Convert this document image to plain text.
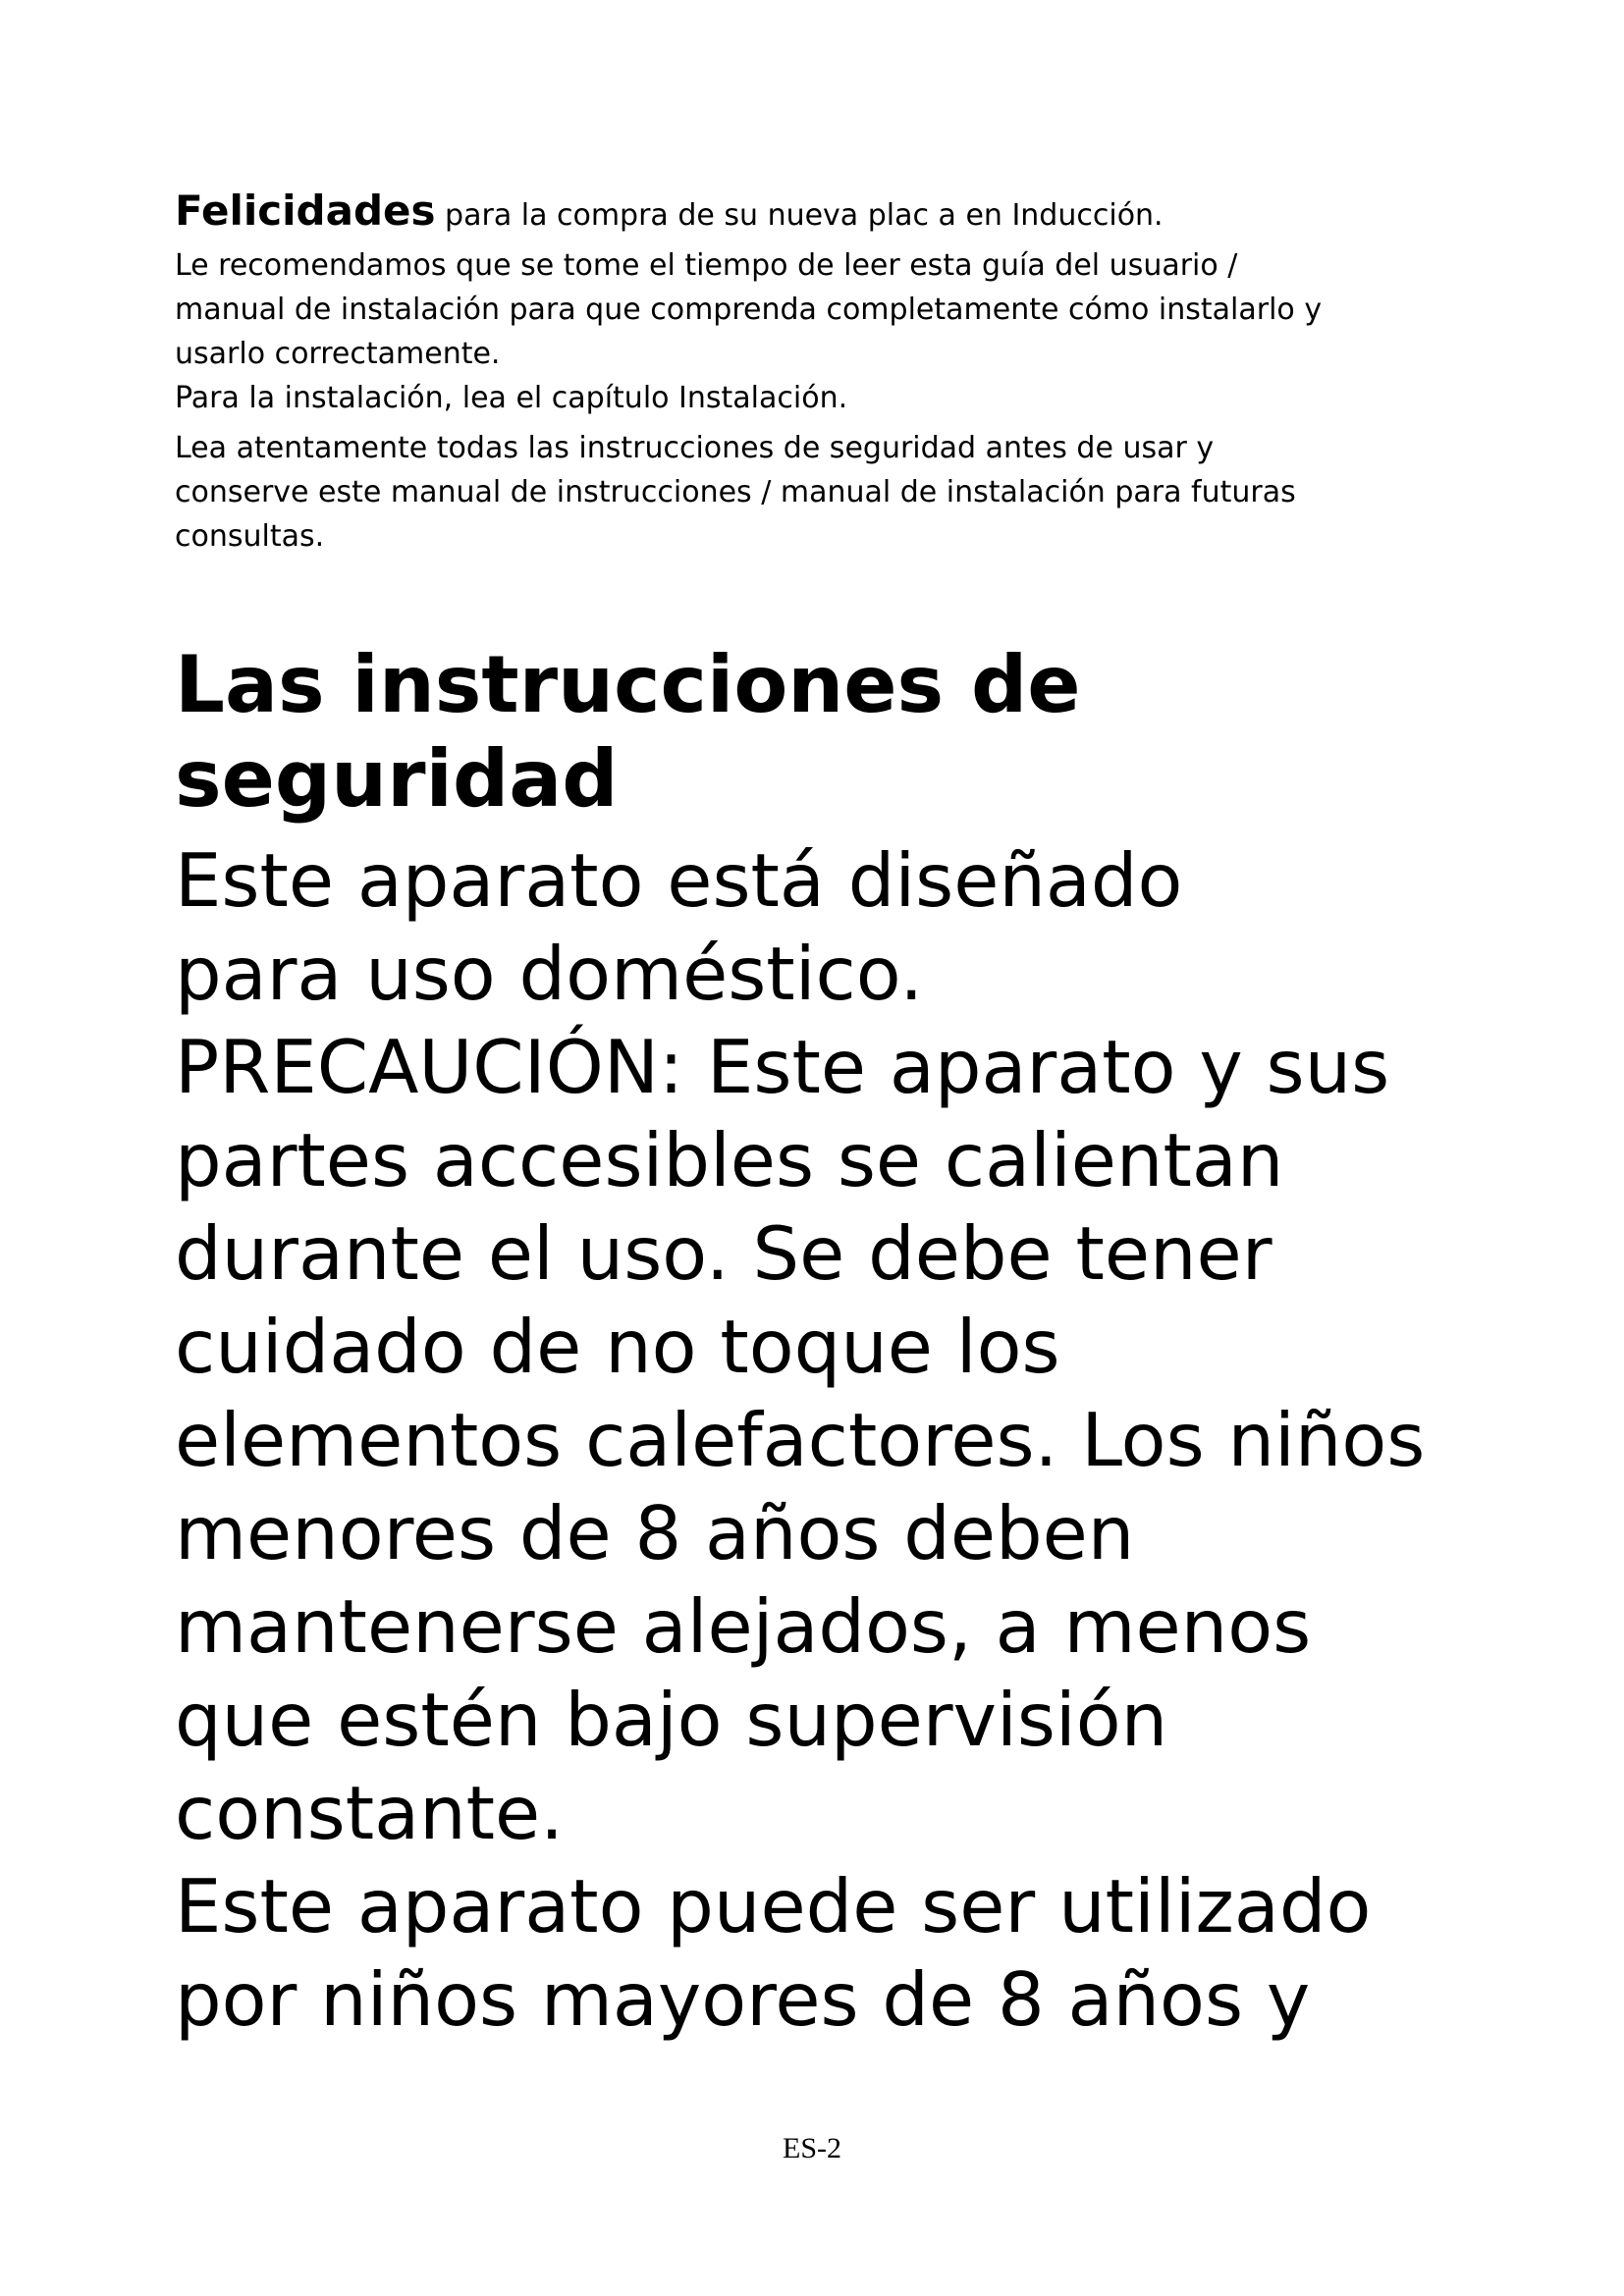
Felicidades para la compra de su nueva plac a en Inducción.

Le recomendamos que se tome el tiempo de leer esta guía del usuario /

manual de instalación para que comprenda completamente cómo instalarlo y

usarlo correctamente.

Para la instalación, lea el capítulo Instalación.

Lea atentamente todas las instrucciones de seguridad antes de usar y

conserve este manual de instrucciones / manual de instalación para futuras

consultas.

Las instrucciones de
seguridad

Este aparato está diseñado
para uso doméstico.
PRECAUCIÓN: Este aparato y sus
partes accesibles se calientan
durante el uso. Se debe tener
cuidado de no toque los
elementos calefactores. Los niños
menores de 8 años deben
mantenerse alejados, a menos
que estén bajo supervisión
constante.
Este aparato puede ser utilizado
por niños mayores de 8 años y

ES-2
